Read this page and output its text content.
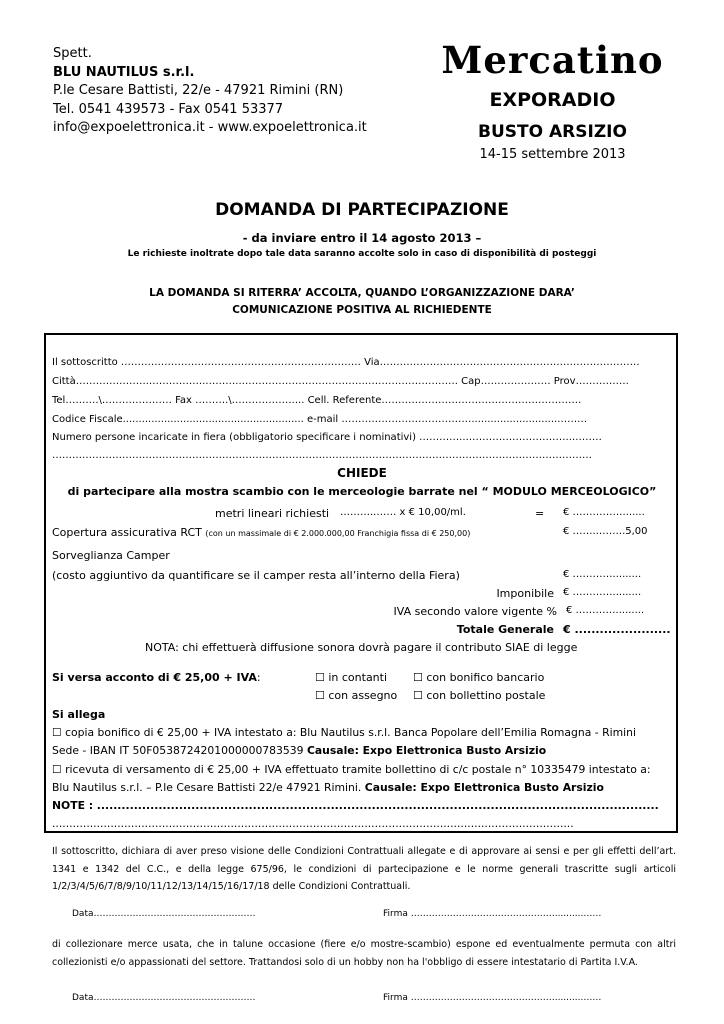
Spett.
BLU NAUTILUS s.r.l.
P.le Cesare Battisti, 22/e - 47921 Rimini (RN)
Tel. 0541 439573 - Fax 0541 53377
info@expoelettronica.it - www.expoelettronica.it
Mercatino
EXPORADIO
BUSTO ARSIZIO
14-15 settembre 2013
DOMANDA DI PARTECIPAZIONE
- da inviare entro il 14 agosto 2013 –
Le richieste inoltrate dopo tale data saranno accolte solo in caso di disponibilità di posteggi
LA DOMANDA SI RITERRA’ ACCOLTA, QUANDO L’ORGANIZZAZIONE DARA’
COMUNICAZIONE POSITIVA AL RICHIEDENTE
Il sottoscritto ……………………………………………………………… Via……………………………………………………………………
Città………………….……………..………..……………………………….………………………. Cap………………… Prov…………….
Tel……….\………………… Fax ……….\……………….... Cell. Referente……………………………………………………
Codice Fiscale......................................................... e-mail …………………………………...........................………
Numero persone incaricate in fiera (obbligatorio specificare i nominativi) …………..…………………………..………
………………………………………………………………………………………………………………………………………………
CHIEDE
di partecipare alla mostra scambio con le merceologie barrate nel “ MODULO MERCEOLOGICO”
metri lineari richiesti ………..…… x € 10,00/ml.	= € …………….......
Copertura assicurativa RCT (con un massimale di € 2.000.000,00 Franchigia fissa di € 250,00)	€ ……..……..5,00
Sorveglianza Camper
(costo aggiuntivo da quantificare se il camper resta all’interno della Fiera)	€ ………….........
Imponibile € ………….........
IVA secondo valore vigente % € ………….........
Totale Generale € .......................
NOTA: chi effettuerà diffusione sonora dovrà pagare il contributo SIAE di legge
Si versa acconto di € 25,00 + IVA:	☐ in contanti ☐ con bonifico bancario
☐ con assegno ☐ con bollettino postale
Si allega
☐ copia bonifico di € 25,00 + IVA intestato a: Blu Nautilus s.r.l. Banca Popolare dell’Emilia Romagna - Rimini
Sede - IBAN IT 50F0538724201000000783539 Causale: Expo Elettronica Busto Arsizio
☐ ricevuta di versamento di € 25,00 + IVA effettuato tramite bollettino di c/c postale n° 10335479 intestato a:
Blu Nautilus s.r.l. – P.le Cesare Battisti 22/e 47921 Rimini. Causale: Expo Elettronica Busto Arsizio
NOTE : .........................................................................................................................................
........................................................................................................................................................
Il sottoscritto, dichiara di aver preso visione delle Condizioni Contrattuali allegate e di approvare ai sensi e per gli effetti dell’art. 1341 e 1342 del C.C., e della legge 675/96, le condizioni di partecipazione e le norme generali trascritte sugli articoli 1/2/3/4/5/6/7/8/9/10/11/12/13/14/15/16/17/18 delle Condizioni Contrattuali.
Data………………………………………………	Firma …………………………………………..........……
di collezionare merce usata, che in talune occasione (fiere e/o mostre-scambio) espone ed eventualmente permuta con altri collezionisti e/o appassionati del settore. Trattandosi solo di un hobby non ha l'obbligo di essere intestatario di Partita I.V.A.
Data………………………………………………	Firma …………………………………………..........……
